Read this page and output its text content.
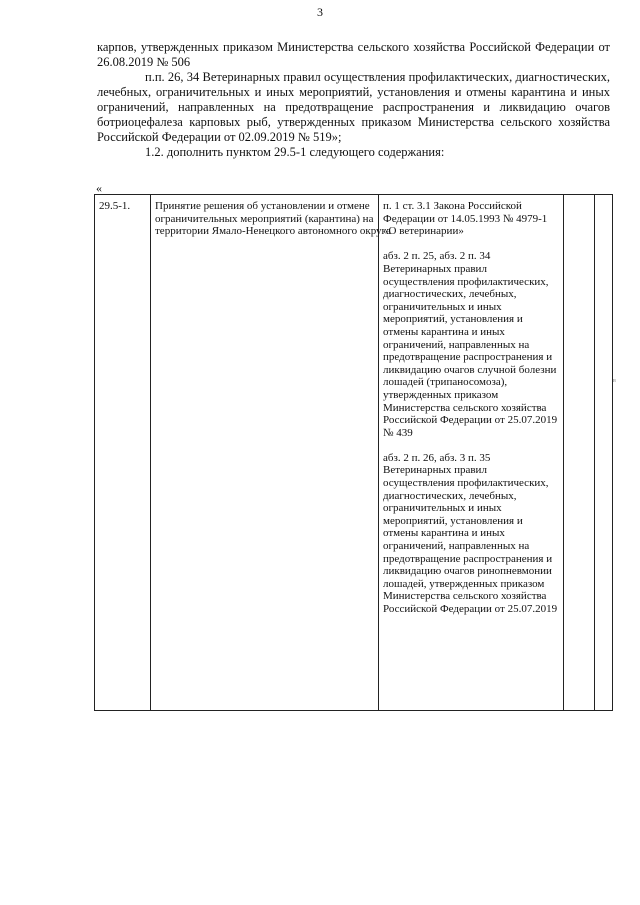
3

карпов, утвержденных приказом Министерства сельского хозяйства Российской Федерации от 26.08.2019 № 506

п.п. 26, 34 Ветеринарных правил осуществления профилактических, диагностических, лечебных, ограничительных и иных мероприятий, установления и отмены карантина и иных ограничений, направленных на предотвращение распространения и ликвидацию очагов ботриоцефалеза карповых рыб, утвержденных приказом Министерства сельского хозяйства Российской Федерации от 02.09.2019 № 519»;

1.2. дополнить пунктом 29.5-1 следующего содержания:

«
29.5-1.	Принятие решения об установлении и отмене ограничительных мероприятий (карантина) на территории Ямало-Ненецкого автономного округа

п. 1 ст. 3.1 Закона Российской Федерации от 14.05.1993 № 4979-1 «О ветеринарии»

абз. 2 п. 25, абз. 2 п. 34 Ветеринарных правил осуществления профилактических, диагностических, лечебных, ограничительных и иных мероприятий, установления и отмены карантина и иных ограничений, направленных на предотвращение распространения и ликвидацию очагов случной болезни лошадей (трипаносомоза), утвержденных приказом Министерства сельского хозяйства Российской Федерации от 25.07.2019 № 439

абз. 2 п. 26, абз. 3 п. 35 Ветеринарных правил осуществления профилактических, диагностических, лечебных, ограничительных и иных мероприятий, установления и отмены карантина и иных ограничений, направленных на предотвращение распространения и ликвидацию очагов ринопневмонии лошадей, утвержденных приказом Министерства сельского хозяйства Российской Федерации от 25.07.2019

в
